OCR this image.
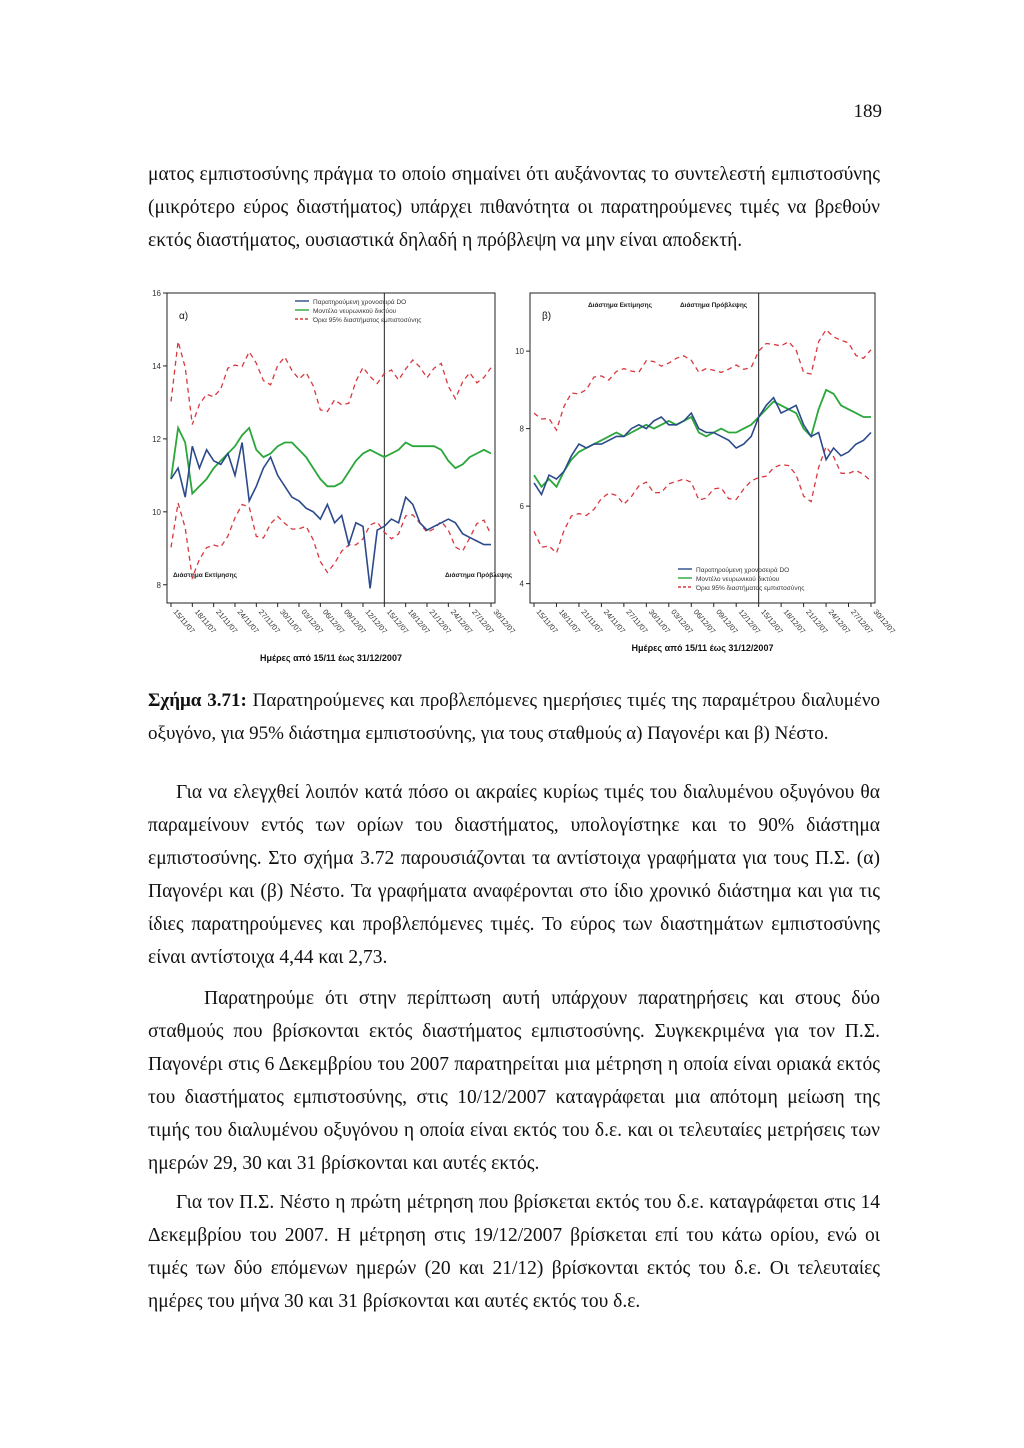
189

ματος εμπιστοσύνης πράγμα το οποίο σημαίνει ότι αυξάνοντας το συντελεστή εμπιστοσύνης (μικρότερο εύρος διαστήματος) υπάρχει πιθανότητα οι παρατηρούμενες τιμές να βρεθούν εκτός διαστήματος, ουσιαστικά δηλαδή η πρόβλεψη να μην είναι αποδεκτή.

8
10
12
14
16
15/11/07
18/11/07
21/11/07
24/11/07
27/11/07
30/11/07
03/12/07
06/12/07
09/12/07
12/12/07
15/12/07
18/12/07
21/12/07
24/12/07
27/12/07
30/12/07
α)
Διάστημα Εκτίμησης	Διάστημα Πρόβλεψης
Παρατηρούμενη χρονοσειρά DO
Μοντέλο νευρωνικού δικτύου
Όρια 95% διαστήματος εμπιστοσύνης
Ημέρες από 15/11 έως 31/12/2007
4
6
8
10
15/11/07
18/11/07
21/11/07
24/11/07
27/11/07
30/11/07
03/12/07
06/12/07
09/12/07
12/12/07
15/12/07
18/12/07
21/12/07
24/12/07
27/12/07
30/12/07
β)
Διάστημα Εκτίμησης	Διάστημα Πρόβλεψης
Παρατηρούμενη χρονοσειρά DO
Μοντέλο νευρωνικού δικτύου
Όρια 95% διαστήματος εμπιστοσύνης
Ημέρες από 15/11 έως 31/12/2007

Σχήμα 3.71: Παρατηρούμενες και προβλεπόμενες ημερήσιες τιμές της παραμέτρου διαλυμένο οξυγόνο, για 95% διάστημα εμπιστοσύνης, για τους σταθμούς α) Παγονέρι και β) Νέστο.

Για να ελεγχθεί λοιπόν κατά πόσο οι ακραίες κυρίως τιμές του διαλυμένου οξυγόνου θα παραμείνουν εντός των ορίων του διαστήματος, υπολογίστηκε και το 90% διάστημα εμπιστοσύνης. Στο σχήμα 3.72 παρουσιάζονται τα αντίστοιχα γραφήματα για τους Π.Σ. (α) Παγονέρι και (β) Νέστο. Τα γραφήματα αναφέρονται στο ίδιο χρονικό διάστημα και για τις ίδιες παρατηρούμενες και προβλεπόμενες τιμές. Το εύρος των διαστημάτων εμπιστοσύνης είναι αντίστοιχα 4,44 και 2,73.

Παρατηρούμε ότι στην περίπτωση αυτή υπάρχουν παρατηρήσεις και στους δύο σταθμούς που βρίσκονται εκτός διαστήματος εμπιστοσύνης. Συγκεκριμένα για τον Π.Σ. Παγονέρι στις 6 Δεκεμβρίου του 2007 παρατηρείται μια μέτρηση η οποία είναι οριακά εκτός του διαστήματος εμπιστοσύνης, στις 10/12/2007 καταγράφεται μια απότομη μείωση της τιμής του διαλυμένου οξυγόνου η οποία είναι εκτός του δ.ε. και οι τελευταίες μετρήσεις των ημερών 29, 30 και 31 βρίσκονται και αυτές εκτός.

Για τον Π.Σ. Νέστο η πρώτη μέτρηση που βρίσκεται εκτός του δ.ε. καταγράφεται στις 14 Δεκεμβρίου του 2007. Η μέτρηση στις 19/12/2007 βρίσκεται επί του κάτω ορίου, ενώ οι τιμές των δύο επόμενων ημερών (20 και 21/12) βρίσκονται εκτός του δ.ε. Οι τελευταίες ημέρες του μήνα 30 και 31 βρίσκονται και αυτές εκτός του δ.ε.
